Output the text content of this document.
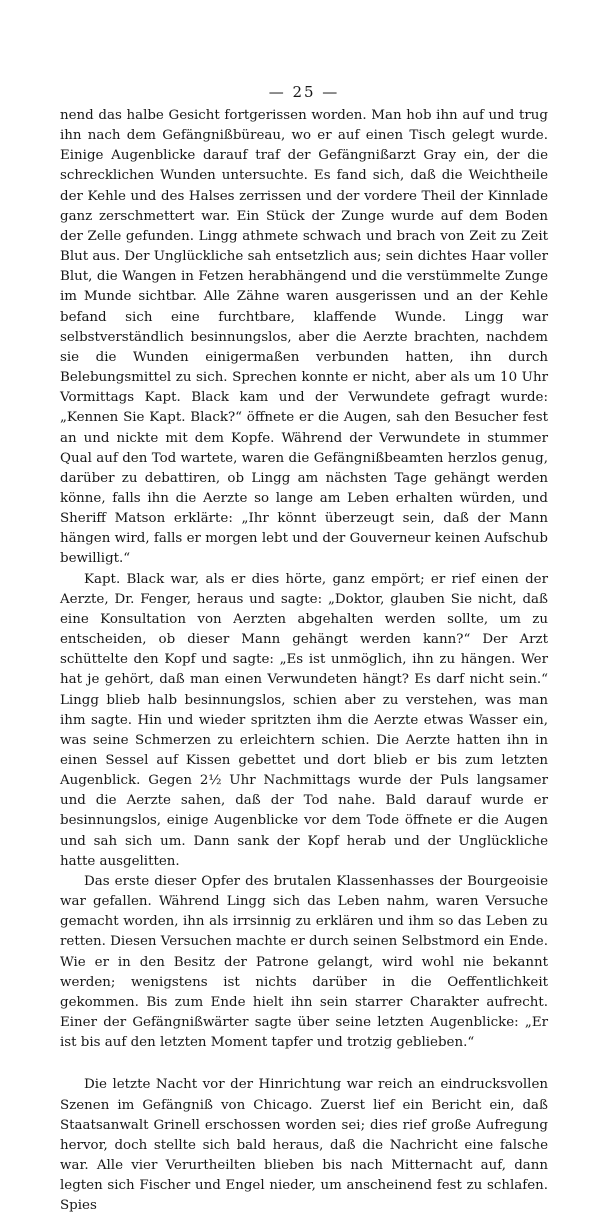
— 25 —

nend das halbe Gesicht fortgerissen worden. Man hob ihn auf und trug ihn nach dem Gefängnißbüreau, wo er auf einen Tisch gelegt wurde. Einige Augenblicke darauf traf der Gefängnißarzt Gray ein, der die schrecklichen Wunden untersuchte. Es fand sich, daß die Weichtheile der Kehle und des Halses zerrissen und der vordere Theil der Kinnlade ganz zerschmettert war. Ein Stück der Zunge wurde auf dem Boden der Zelle gefunden. Lingg athmete schwach und brach von Zeit zu Zeit Blut aus. Der Unglückliche sah entsetzlich aus; sein dichtes Haar voller Blut, die Wangen in Fetzen herabhängend und die verstümmelte Zunge im Munde sichtbar. Alle Zähne waren ausgerissen und an der Kehle befand sich eine furchtbare, klaffende Wunde. Lingg war selbstverständlich besinnungslos, aber die Aerzte brachten, nachdem sie die Wunden einigermaßen verbunden hatten, ihn durch Belebungsmittel zu sich. Sprechen konnte er nicht, aber als um 10 Uhr Vormittags Kapt. Black kam und der Verwundete gefragt wurde: „Kennen Sie Kapt. Black?“ öffnete er die Augen, sah den Besucher fest an und nickte mit dem Kopfe. Während der Verwundete in stummer Qual auf den Tod wartete, waren die Gefängnißbeamten herzlos genug, darüber zu debattiren, ob Lingg am nächsten Tage gehängt werden könne, falls ihn die Aerzte so lange am Leben erhalten würden, und Sheriff Matson erklärte: „Ihr könnt überzeugt sein, daß der Mann hängen wird, falls er morgen lebt und der Gouverneur keinen Aufschub bewilligt.“

Kapt. Black war, als er dies hörte, ganz empört; er rief einen der Aerzte, Dr. Fenger, heraus und sagte: „Doktor, glauben Sie nicht, daß eine Konsultation von Aerzten abgehalten werden sollte, um zu entscheiden, ob dieser Mann gehängt werden kann?“ Der Arzt schüttelte den Kopf und sagte: „Es ist unmöglich, ihn zu hängen. Wer hat je gehört, daß man einen Verwundeten hängt? Es darf nicht sein.“ Lingg blieb halb besinnungslos, schien aber zu verstehen, was man ihm sagte. Hin und wieder spritzten ihm die Aerzte etwas Wasser ein, was seine Schmerzen zu erleichtern schien. Die Aerzte hatten ihn in einen Sessel auf Kissen gebettet und dort blieb er bis zum letzten Augenblick. Gegen 2½ Uhr Nachmittags wurde der Puls langsamer und die Aerzte sahen, daß der Tod nahe. Bald darauf wurde er besinnungslos, einige Augenblicke vor dem Tode öffnete er die Augen und sah sich um. Dann sank der Kopf herab und der Unglückliche hatte ausgelitten.

Das erste dieser Opfer des brutalen Klassenhasses der Bourgeoisie war gefallen. Während Lingg sich das Leben nahm, waren Versuche gemacht worden, ihn als irrsinnig zu erklären und ihm so das Leben zu retten. Diesen Versuchen machte er durch seinen Selbstmord ein Ende. Wie er in den Besitz der Patrone gelangt, wird wohl nie bekannt werden; wenigstens ist nichts darüber in die Oeffentlichkeit gekommen. Bis zum Ende hielt ihn sein starrer Charakter aufrecht. Einer der Gefängnißwärter sagte über seine letzten Augenblicke: „Er ist bis auf den letzten Moment tapfer und trotzig geblieben.“

Die letzte Nacht vor der Hinrichtung war reich an eindrucksvollen Szenen im Gefängniß von Chicago. Zuerst lief ein Bericht ein, daß Staatsanwalt Grinell erschossen worden sei; dies rief große Aufregung hervor, doch stellte sich bald heraus, daß die Nachricht eine falsche war. Alle vier Verurtheilten blieben bis nach Mitternacht auf, dann legten sich Fischer und Engel nieder, um anscheinend fest zu schlafen. Spies
